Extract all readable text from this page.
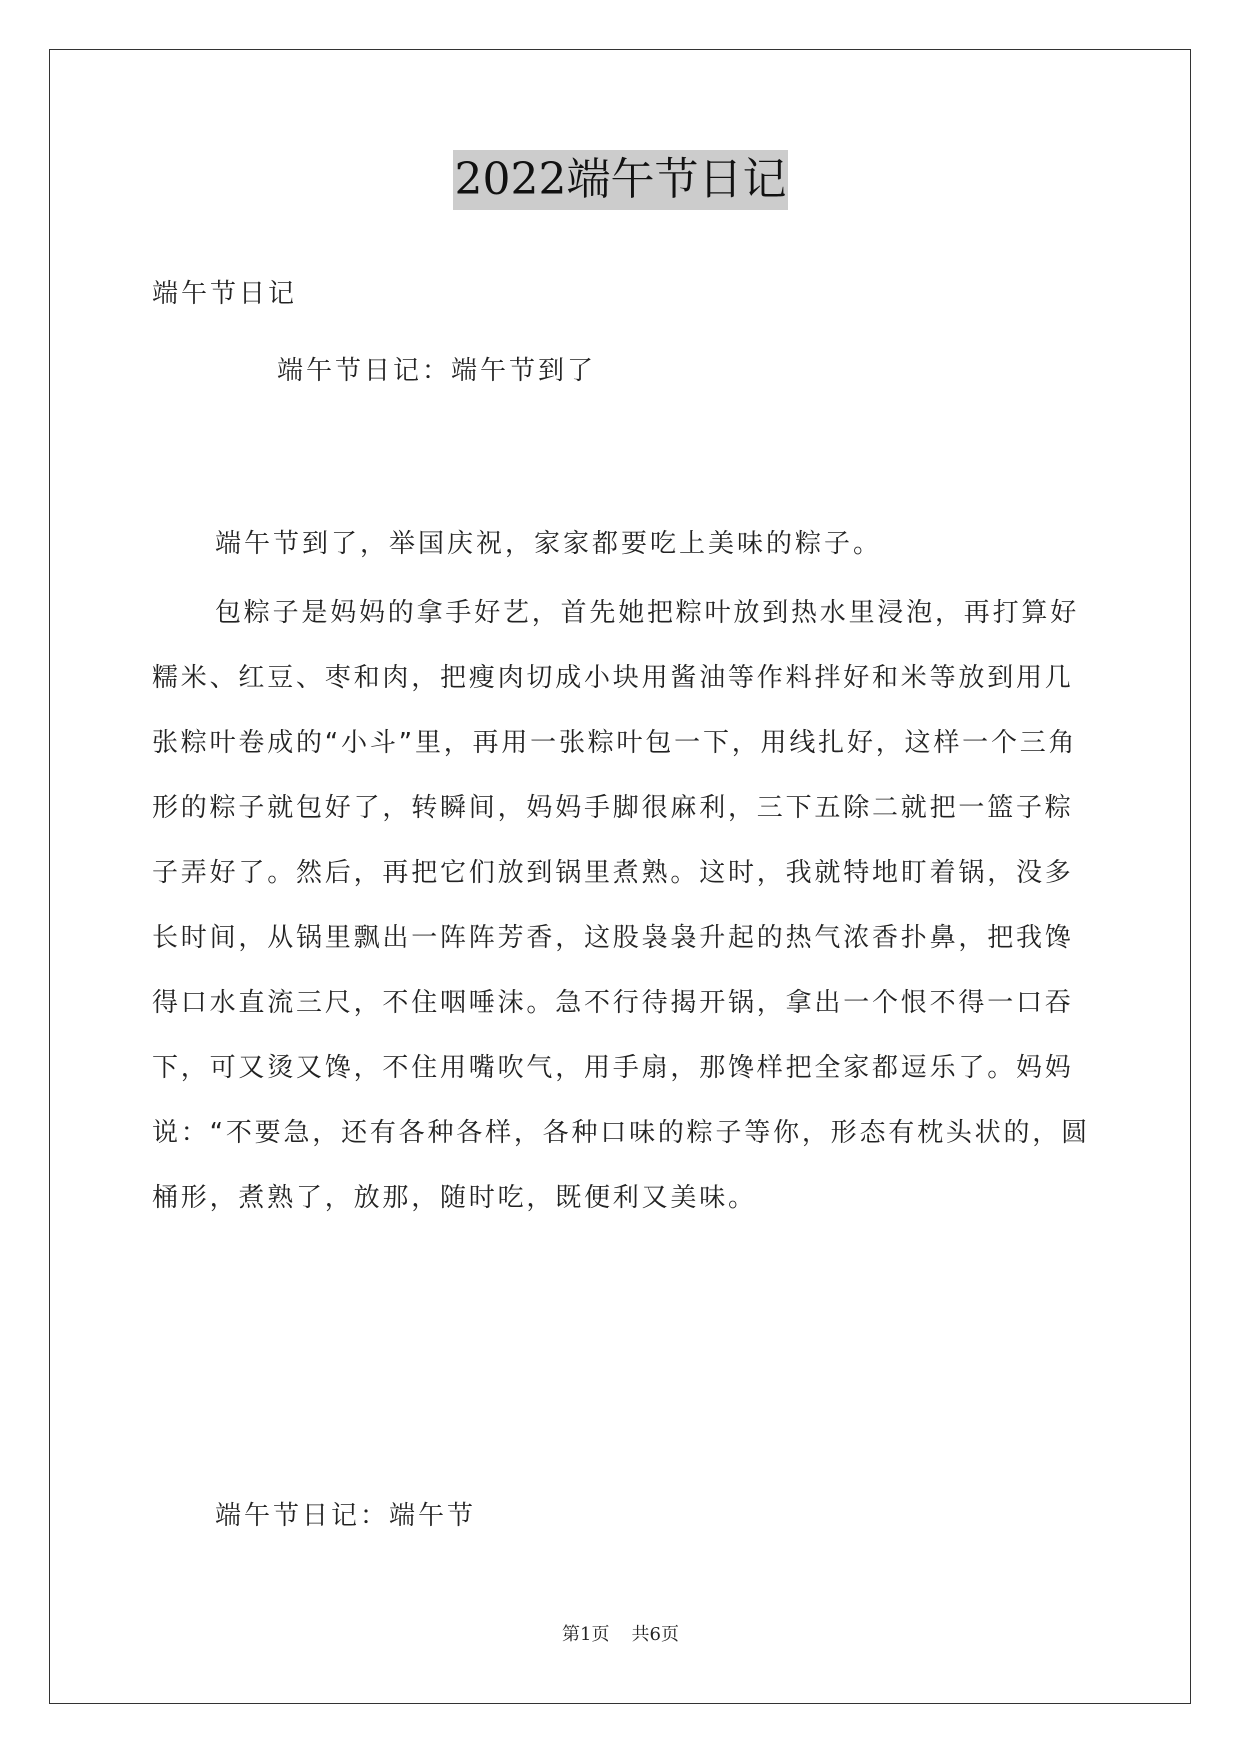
2022端午节日记
端午节日记
端午节日记：端午节到了
端午节到了，举国庆祝，家家都要吃上美味的粽子。
包粽子是妈妈的拿手好艺，首先她把粽叶放到热水里浸泡，再打算好糯米、红豆、枣和肉，把瘦肉切成小块用酱油等作料拌好和米等放到用几张粽叶卷成的“小斗”里，再用一张粽叶包一下，用线扎好，这样一个三角形的粽子就包好了，转瞬间，妈妈手脚很麻利，三下五除二就把一篮子粽子弄好了。然后，再把它们放到锅里煮熟。这时，我就特地盯着锅，没多长时间，从锅里飘出一阵阵芳香，这股袅袅升起的热气浓香扑鼻，把我馋得口水直流三尺，不住咽唾沫。急不行待揭开锅，拿出一个恨不得一口吞下，可又烫又馋，不住用嘴吹气，用手扇，那馋样把全家都逗乐了。妈妈说：“不要急，还有各种各样，各种口味的粽子等你，形态有枕头状的，圆桶形，煮熟了，放那，随时吃，既便利又美味。
端午节日记：端午节
第1页 共6页
